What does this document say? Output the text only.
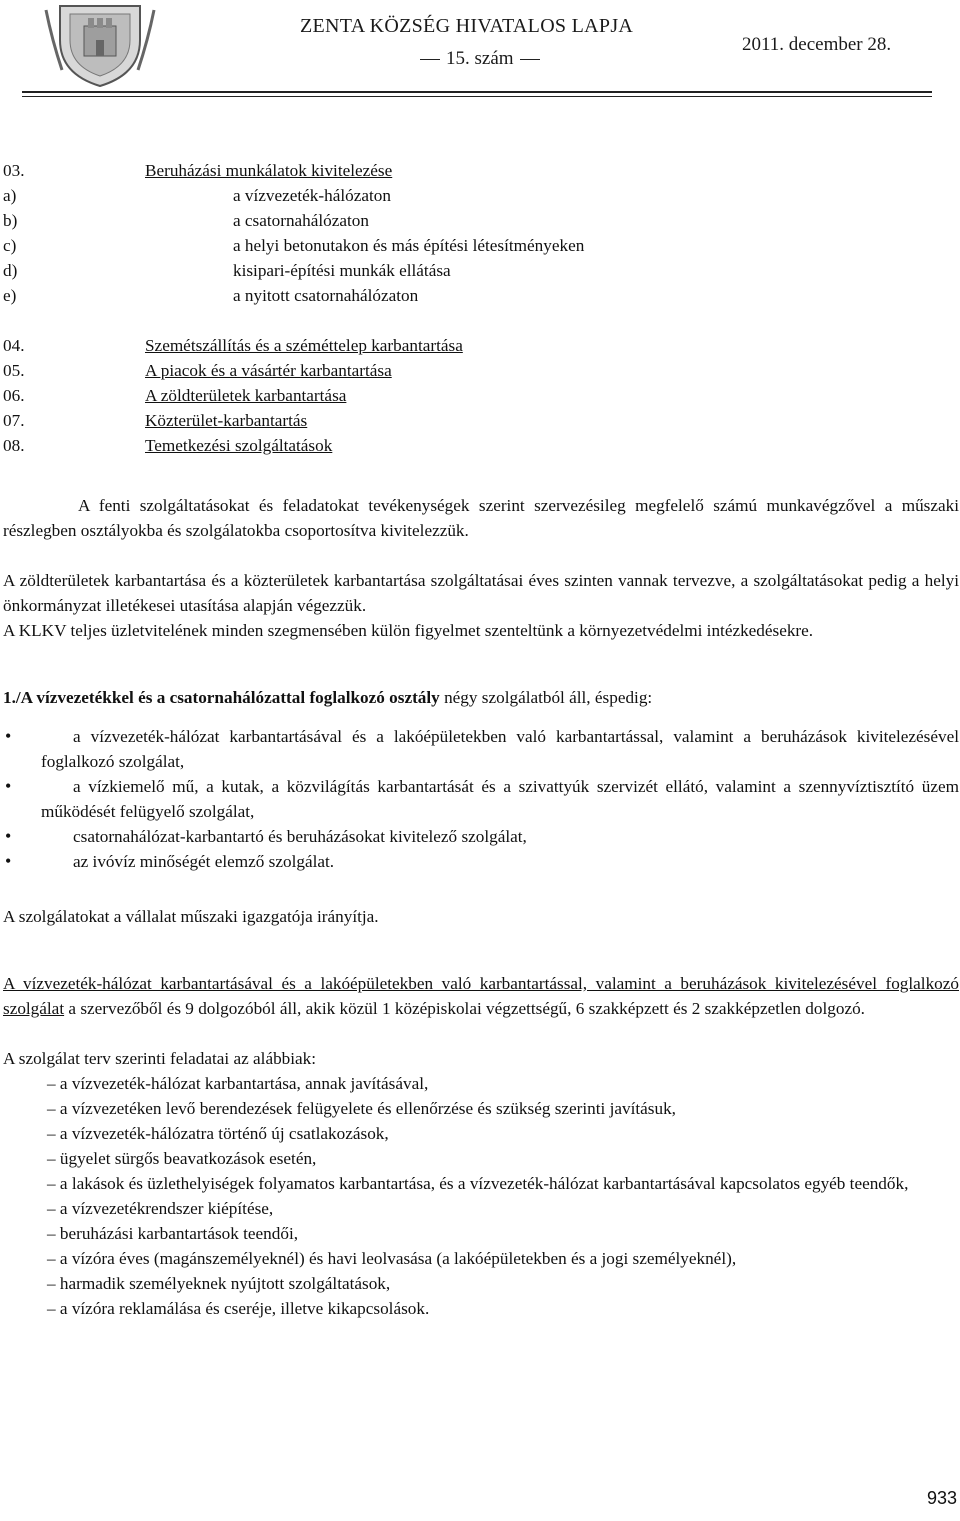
ZENTA KÖZSÉG HIVATALOS LAPJA
15. szám
2011. december 28.
03.	Beruházási munkálatok kivitelezése
a)	a vízvezeték-hálózaton
b)	a csatornahálózaton
c)	a helyi betonutakon és más építési létesítményeken
d)	kisipari-építési munkák ellátása
e)	a nyitott csatornahálózaton
04.	Szemétszállítás és a széméttelep karbantartása
05.	A piacok és a vásártér karbantartása
06.	A zöldterületek karbantartása
07.	Közterület-karbantartás
08.	Temetkezési szolgáltatások
A fenti szolgáltatásokat és feladatokat tevékenységek szerint szervezésileg megfelelő számú munkavégzővel a műszaki részlegben osztályokba és szolgálatokba csoportosítva kivitelezzük.
A zöldterületek karbantartása és a közterületek karbantartása szolgáltatásai éves szinten vannak tervezve, a szolgáltatásokat pedig a helyi önkormányzat illetékesei utasítása alapján végezzük.
A KLKV teljes üzletvitelének minden szegmensében külön figyelmet szenteltünk a környezetvédelmi intézkedésekre.
1./A vízvezetékkel és a csatornahálózattal foglalkozó osztály négy szolgálatból áll, éspedig:
•	a vízvezeték-hálózat karbantartásával és a lakóépületekben való karbantartással, valamint a beruházások kivitelezésével foglalkozó szolgálat,
•	a vízkiemelő mű, a kutak, a közvilágítás karbantartását és a szivattyúk szervizét ellátó, valamint a szennyvíztisztító üzem működését felügyelő szolgálat,
•	csatornahálózat-karbantartó és beruházásokat kivitelező szolgálat,
•	az ivóvíz minőségét elemző szolgálat.
A szolgálatokat a vállalat műszaki igazgatója irányítja.
A vízvezeték-hálózat karbantartásával és a lakóépületekben való karbantartással, valamint a beruházások kivitelezésével foglalkozó szolgálat a szervezőből és 9 dolgozóból áll, akik közül 1 középiskolai végzettségű, 6 szakképzett és 2 szakképzetlen dolgozó.
A szolgálat terv szerinti feladatai az alábbiak:
– a vízvezeték-hálózat karbantartása, annak javításával,
– a vízvezetéken levő berendezések felügyelete és ellenőrzése és szükség szerinti javításuk,
– a vízvezeték-hálózatra történő új csatlakozások,
– ügyelet sürgős beavatkozások esetén,
– a lakások és üzlethelyiségek folyamatos karbantartása, és a vízvezeték-hálózat karbantartásával kapcsolatos egyéb teendők,
– a vízvezetékrendszer kiépítése,
– beruházási karbantartások teendői,
– a vízóra éves (magánszemélyeknél) és havi leolvasása (a lakóépületekben és a jogi személyeknél),
– harmadik személyeknek nyújtott szolgáltatások,
– a vízóra reklamálása és cseréje, illetve kikapcsolások.
933
